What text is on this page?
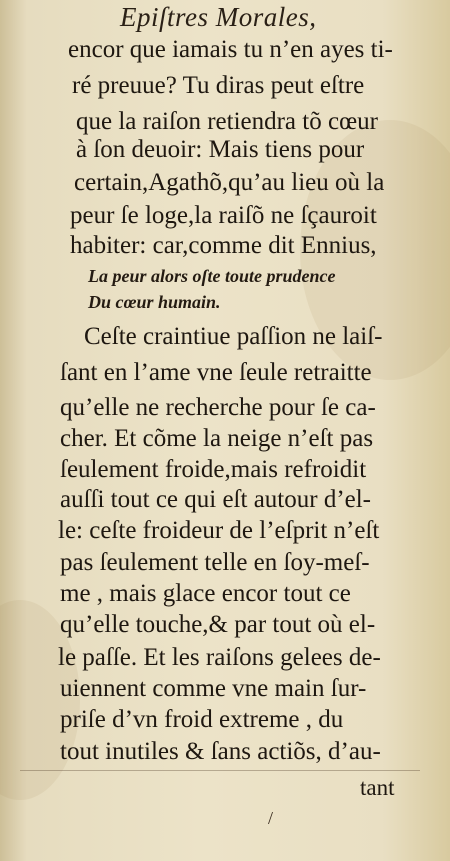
Epiſtres Morales,
encor que iamais tu n’en ayes ti-
ré preuue? Tu diras peut eſtre
que la raiſon retiendra tõ cœur
à ſon deuoir: Mais tiens pour
certain,Agathõ,qu’au lieu où la
peur ſe loge,la raiſõ ne ſçauroit
habiter: car,comme dit Ennius,
La peur alors oſte toute prudence
Du cœur humain.
Ceſte craintiue paſſion ne laiſ-
ſant en l’ame vne ſeule retraitte
qu’elle ne recherche pour ſe ca-
cher. Et cõme la neige n’eſt pas
ſeulement froide,mais refroidit
auſſi tout ce qui eſt autour d’el-
le: ceſte froideur de l’eſprit n’eſt
pas ſeulement telle en ſoy-meſ-
me , mais glace encor tout ce
qu’elle touche,& par tout où el-
le paſſe. Et les raiſons gelees de-
uiennent comme vne main ſur-
priſe d’vn froid extreme , du
tout inutiles & ſans actiõs, d’au-
tant
/
